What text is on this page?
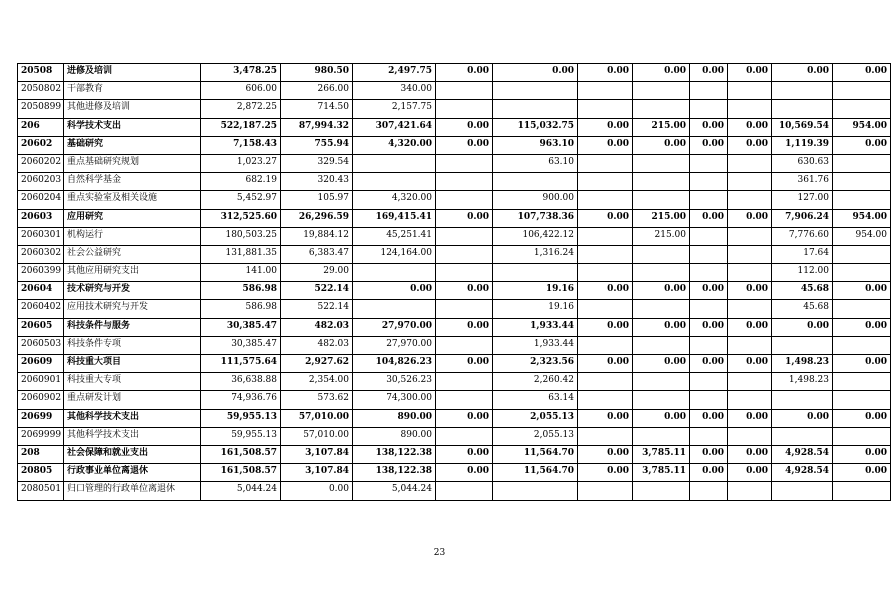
20508	进修及培训	3,478.25	980.50	2,497.75	0.00	0.00	0.00	0.00	0.00	0.00	0.00	0.00
2050802	干部教育	606.00	266.00	340.00								
2050899	其他进修及培训	2,872.25	714.50	2,157.75								
206	科学技术支出	522,187.25	87,994.32	307,421.64	0.00	115,032.75	0.00	215.00	0.00	0.00	10,569.54	954.00
20602	基础研究	7,158.43	755.94	4,320.00	0.00	963.10	0.00	0.00	0.00	0.00	1,119.39	0.00
2060202	重点基础研究规划	1,023.27	329.54			63.10					630.63	
2060203	自然科学基金	682.19	320.43								361.76	
2060204	重点实验室及相关设施	5,452.97	105.97	4,320.00		900.00					127.00	
20603	应用研究	312,525.60	26,296.59	169,415.41	0.00	107,738.36	0.00	215.00	0.00	0.00	7,906.24	954.00
2060301	机构运行	180,503.25	19,884.12	45,251.41		106,422.12		215.00			7,776.60	954.00
2060302	社会公益研究	131,881.35	6,383.47	124,164.00		1,316.24					17.64	
2060399	其他应用研究支出	141.00	29.00								112.00	
20604	技术研究与开发	586.98	522.14	0.00	0.00	19.16	0.00	0.00	0.00	0.00	45.68	0.00
2060402	应用技术研究与开发	586.98	522.14			19.16					45.68	
20605	科技条件与服务	30,385.47	482.03	27,970.00	0.00	1,933.44	0.00	0.00	0.00	0.00	0.00	0.00
2060503	科技条件专项	30,385.47	482.03	27,970.00		1,933.44						
20609	科技重大项目	111,575.64	2,927.62	104,826.23	0.00	2,323.56	0.00	0.00	0.00	0.00	1,498.23	0.00
2060901	科技重大专项	36,638.88	2,354.00	30,526.23		2,260.42					1,498.23	
2060902	重点研发计划	74,936.76	573.62	74,300.00		63.14						
20699	其他科学技术支出	59,955.13	57,010.00	890.00	0.00	2,055.13	0.00	0.00	0.00	0.00	0.00	0.00
2069999	其他科学技术支出	59,955.13	57,010.00	890.00		2,055.13						
208	社会保障和就业支出	161,508.57	3,107.84	138,122.38	0.00	11,564.70	0.00	3,785.11	0.00	0.00	4,928.54	0.00
20805	行政事业单位离退休	161,508.57	3,107.84	138,122.38	0.00	11,564.70	0.00	3,785.11	0.00	0.00	4,928.54	0.00
2080501	归口管理的行政单位离退休	5,044.24	0.00	5,044.24								
23
